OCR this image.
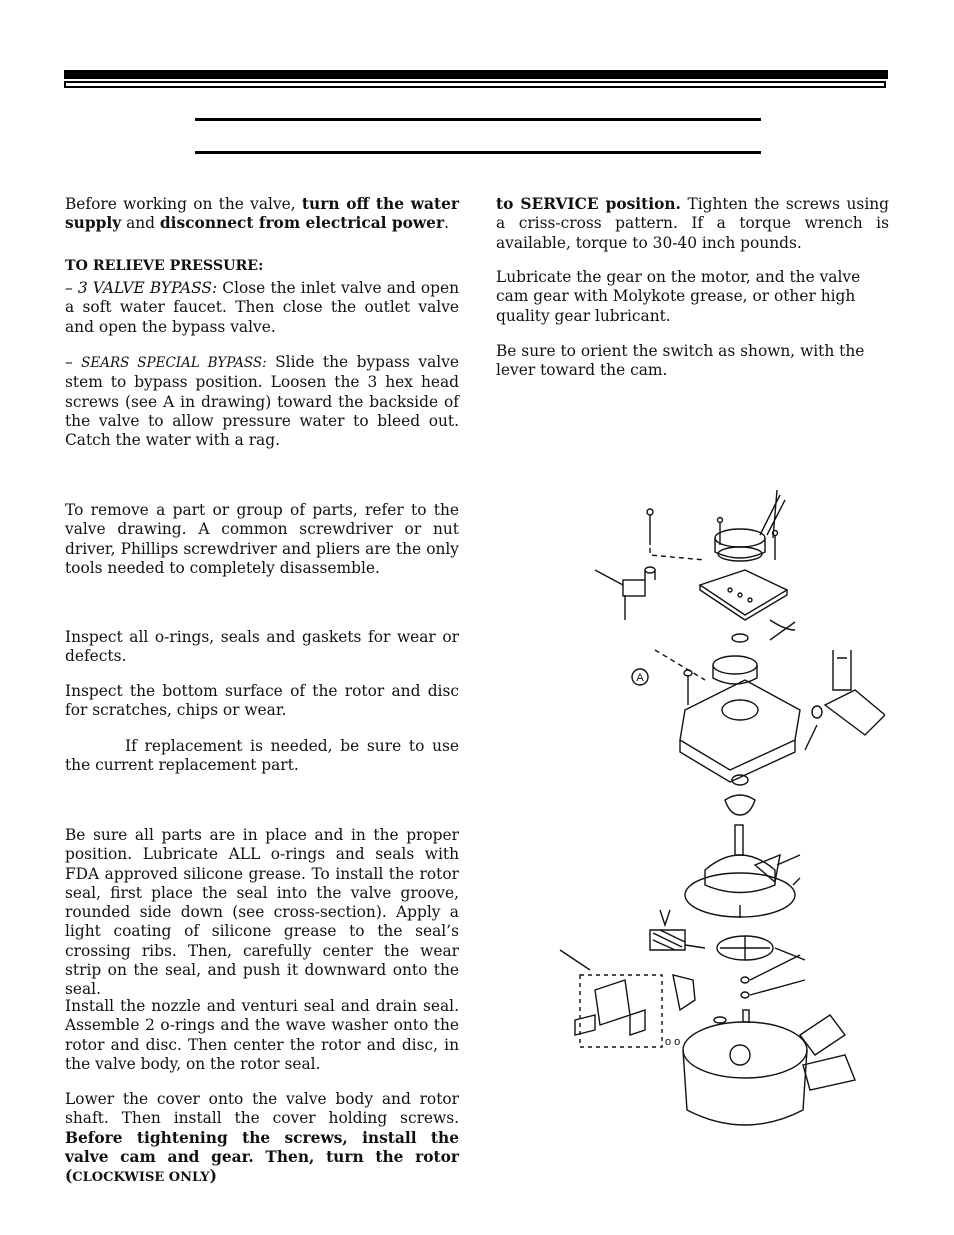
Before working on the valve, turn off the water supply and disconnect from electrical power.

TO RELIEVE PRESSURE:

– 3 VALVE BYPASS: Close the inlet valve and open a soft water faucet. Then close the outlet valve and open the bypass valve.

– SEARS SPECIAL BYPASS: Slide the bypass valve stem to bypass position. Loosen the 3 hex head screws (see A in drawing) toward the backside of the valve to allow pressure water to bleed out. Catch the water with a rag.

To remove a part or group of parts, refer to the valve drawing. A common screwdriver or nut driver, Phillips screwdriver and pliers are the only tools needed to completely disassemble.
Inspect all o-rings, seals and gaskets for wear or defects.
Inspect the bottom surface of the rotor and disc for scratches, chips or wear.
If replacement is needed, be sure to use the current replacement part.
Be sure all parts are in place and in the proper position. Lubricate ALL o-rings and seals with FDA approved silicone grease. To install the rotor seal, first place the seal into the valve groove, rounded side down (see cross-section). Apply a light coating of silicone grease to the seal’s crossing ribs. Then, carefully center the wear strip on the seal, and push it downward onto the seal.
Install the nozzle and venturi seal and drain seal. Assemble 2 o-rings and the wave washer onto the rotor and disc. Then center the rotor and disc, in the valve body, on the rotor seal.

Lower the cover onto the valve body and rotor shaft. Then install the cover holding screws. Before tightening the screws, install the valve cam and gear. Then, turn the rotor (CLOCKWISE ONLY)

to SERVICE position. Tighten the screws using a criss-cross pattern. If a torque wrench is available, torque to 30-40 inch pounds.

Lubricate the gear on the motor, and the valve cam gear with Molykote grease, or other high quality gear lubricant.
Be sure to orient the switch as shown, with the lever toward the cam.
A
o o
